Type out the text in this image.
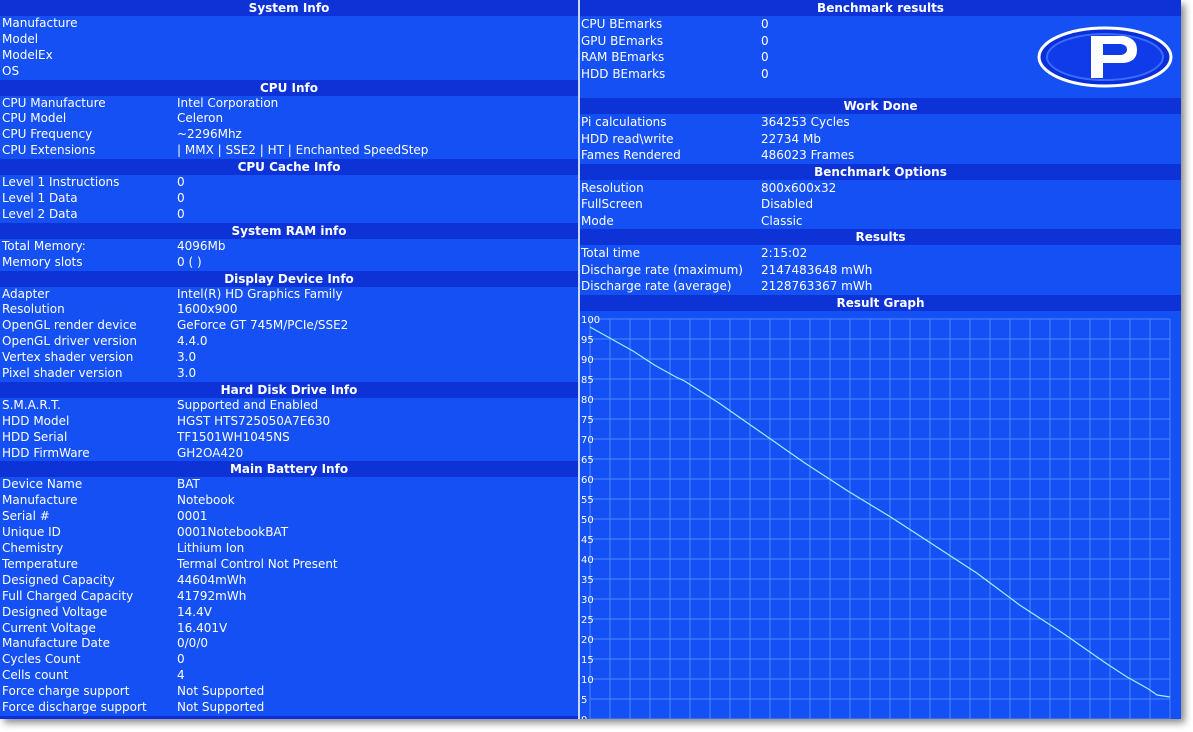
System Info
Manufacture
Model
ModelEx
OS
CPU Info
CPU Manufacture	Intel Corporation
CPU Model	Celeron
CPU Frequency	~2296Mhz
CPU Extensions	| MMX | SSE2 | HT | Enchanted SpeedStep
CPU Cache Info
Level 1 Instructions	0
Level 1 Data	0
Level 2 Data	0
System RAM info
Total Memory:	4096Mb
Memory slots	0 ( )
Display Device Info
Adapter	Intel(R) HD Graphics Family
Resolution	1600x900
OpenGL render device	GeForce GT 745M/PCIe/SSE2
OpenGL driver version	4.4.0
Vertex shader version	3.0
Pixel shader version	3.0
Hard Disk Drive Info
S.M.A.R.T.	Supported and Enabled
HDD Model	HGST HTS725050A7E630
HDD Serial	TF1501WH1045NS
HDD FirmWare	GH2OA420
Main Battery Info
Device Name	BAT
Manufacture	Notebook
Serial #	0001
Unique ID	0001NotebookBAT
Chemistry	Lithium Ion
Temperature	Termal Control Not Present
Designed Capacity	44604mWh
Full Charged Capacity	41792mWh
Designed Voltage	14.4V
Current Voltage	16.401V
Manufacture Date	0/0/0
Cycles Count	0
Cells count	4
Force charge support	Not Supported
Force discharge support	Not Supported
Benchmark results
CPU BEmarks	0
GPU BEmarks	0
RAM BEmarks	0
HDD BEmarks	0
Work Done
Pi calculations	364253 Cycles
HDD read\write	22734 Mb
Fames Rendered	486023 Frames
Benchmark Options
Resolution	800x600x32
FullScreen	Disabled
Mode	Classic
Results
Total time	2:15:02
Discharge rate (maximum)	2147483648 mWh
Discharge rate (average)	2128763367 mWh
Result Graph
0
5
10
15
20
25
30
35
40
45
50
55
60
65
70
75
80
85
90
95
100
135min
